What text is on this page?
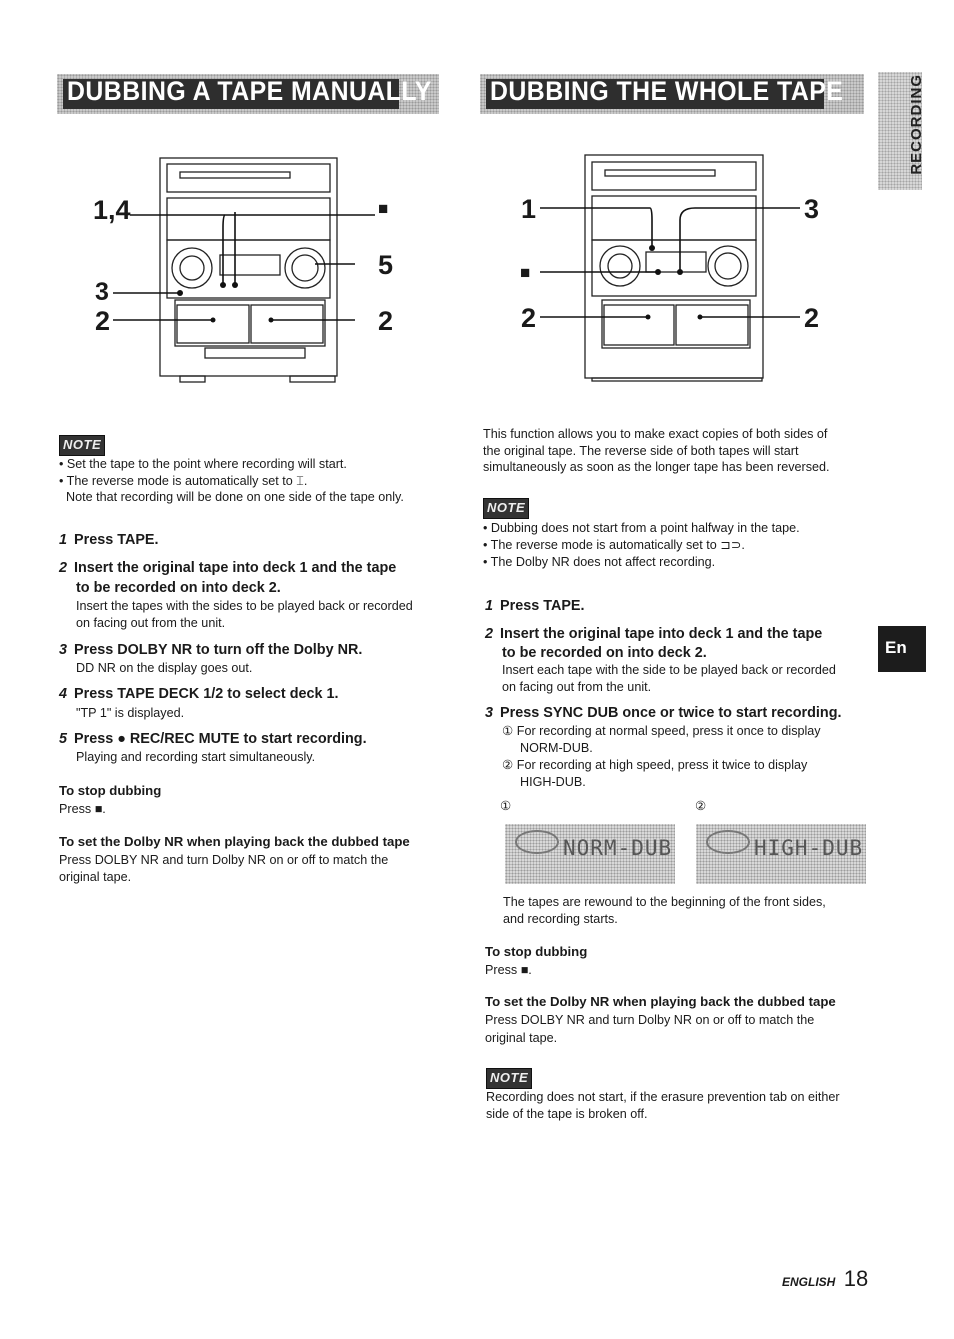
DUBBING A TAPE MANUALLY DUBBING THE WHOLE TAPE	RECORDING
En
1,4
3
2
■
5
2
1
■
2
3
2
NOTE
• Set the tape to the point where recording will start.
• The reverse mode is automatically set to ⌶.
Note that recording will be done on one side of the tape only.
1 Press TAPE.
2 Insert the original tape into deck 1 and the tape
to be recorded on into deck 2.
Insert the tapes with the sides to be played back or recorded
on facing out from the unit.
3 Press DOLBY NR to turn off the Dolby NR.
DD NR on the display goes out.
4 Press TAPE DECK 1/2 to select deck 1.
"TP 1" is displayed.
5 Press ● REC/REC MUTE to start recording.
Playing and recording start simultaneously.
To stop dubbing
Press ■.
To set the Dolby NR when playing back the dubbed tape
Press DOLBY NR and turn Dolby NR on or off to match the
original tape.
This function allows you to make exact copies of both sides of
the original tape. The reverse side of both tapes will start
simultaneously as soon as the longer tape has been reversed.
NOTE
• Dubbing does not start from a point halfway in the tape.
• The reverse mode is automatically set to ⊐⊃.
• The Dolby NR does not affect recording.
1 Press TAPE.
2 Insert the original tape into deck 1 and the tape
to be recorded on into deck 2.
Insert each tape with the side to be played back or recorded
on facing out from the unit.
3 Press SYNC DUB once or twice to start recording.
① For recording at normal speed, press it once to display
NORM-DUB.
② For recording at high speed, press it twice to display
HIGH-DUB.
①	②
NORM-DUB	HIGH-DUB
The tapes are rewound to the beginning of the front sides,
and recording starts.
To stop dubbing
Press ■.
To set the Dolby NR when playing back the dubbed tape
Press DOLBY NR and turn Dolby NR on or off to match the
original tape.
NOTE
Recording does not start, if the erasure prevention tab on either
side of the tape is broken off.
ENGLISH 18
